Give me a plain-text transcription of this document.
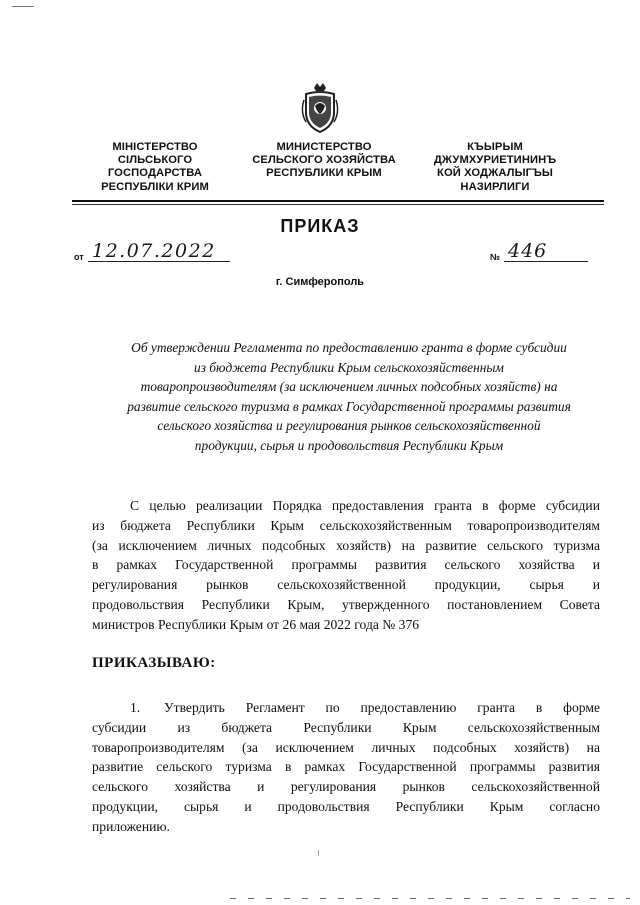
МІНІСТЕРСТВО
СІЛЬСЬКОГО
ГОСПОДАРСТВА
РЕСПУБЛІКИ КРИМ
МИНИСТЕРСТВО
СЕЛЬСКОГО ХОЗЯЙСТВА
РЕСПУБЛИКИ КРЫМ
КЪЫРЫМ
ДЖУМХУРИЕТИНИНЪ
КОЙ ХОДЖАЛЫГЪЫ
НАЗИРЛИГИ
ПРИКАЗ
от 12.07.2022	№ 446
г. Симферополь
Об утверждении Регламента по предоставлению гранта в форме субсидии
из бюджета Республики Крым сельскохозяйственным
товаропроизводителям (за исключением личных подсобных хозяйств) на
развитие сельского туризма в рамках Государственной программы развития
сельского хозяйства и регулирования рынков сельскохозяйственной
продукции, сырья и продовольствия Республики Крым
С целью реализации Порядка предоставления гранта в форме субсидии
из бюджета Республики Крым сельскохозяйственным товаропроизводителям
(за исключением личных подсобных хозяйств) на развитие сельского туризма
в рамках Государственной программы развития сельского хозяйства и
регулирования рынков сельскохозяйственной продукции, сырья и
продовольствия Республики Крым, утвержденного постановлением Совета
министров Республики Крым от 26 мая 2022 года № 376
ПРИКАЗЫВАЮ:
1. Утвердить Регламент по предоставлению гранта в форме
субсидии из бюджета Республики Крым сельскохозяйственным
товаропроизводителям (за исключением личных подсобных хозяйств) на
развитие сельского туризма в рамках Государственной программы развития
сельского хозяйства и регулирования рынков сельскохозяйственной
продукции, сырья и продовольствия Республики Крым согласно
приложению.
